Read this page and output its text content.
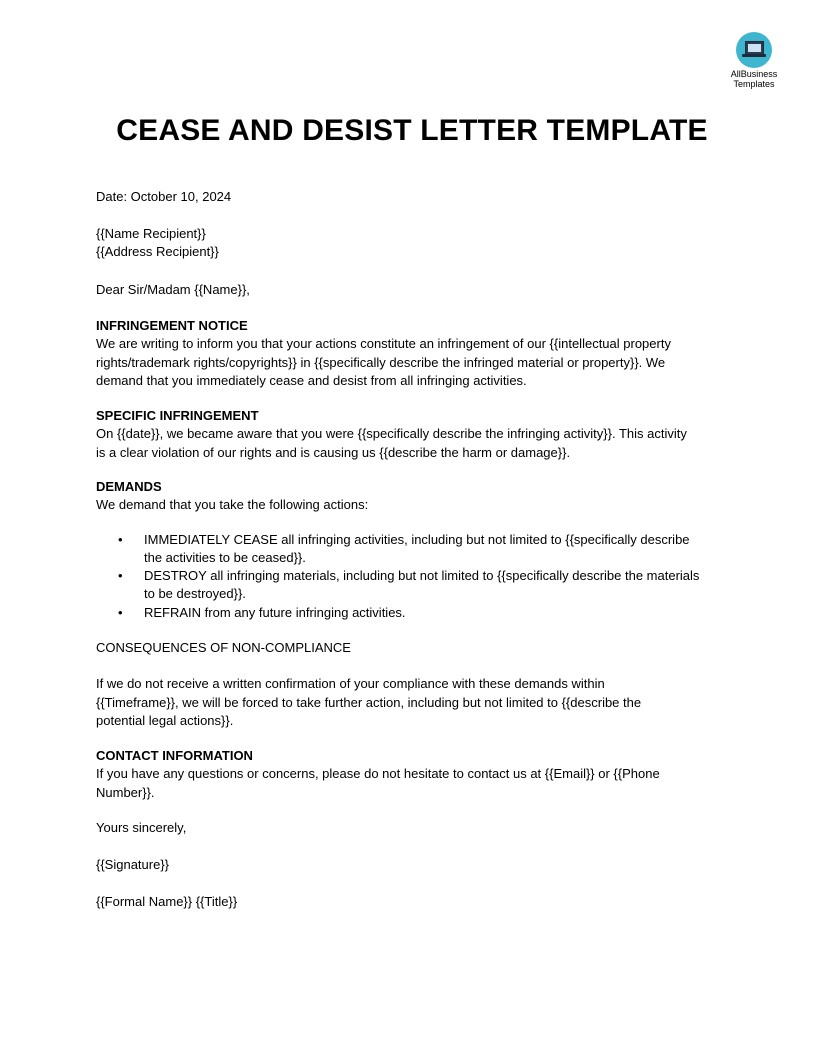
AllBusiness
Templates
CEASE AND DESIST LETTER TEMPLATE
Date: October 10, 2024
{{Name Recipient}}
{{Address Recipient}}
Dear Sir/Madam {{Name}},
INFRINGEMENT NOTICE
We are writing to inform you that your actions constitute an infringement of our {{intellectual property
rights/trademark rights/copyrights}} in {{specifically describe the infringed material or property}}. We
demand that you immediately cease and desist from all infringing activities.
SPECIFIC INFRINGEMENT
On {{date}}, we became aware that you were {{specifically describe the infringing activity}}. This activity
is a clear violation of our rights and is causing us {{describe the harm or damage}}.
DEMANDS
We demand that you take the following actions:
• IMMEDIATELY CEASE all infringing activities, including but not limited to {{specifically describe
the activities to be ceased}}.
• DESTROY all infringing materials, including but not limited to {{specifically describe the materials
to be destroyed}}.
• REFRAIN from any future infringing activities.
CONSEQUENCES OF NON-COMPLIANCE
If we do not receive a written confirmation of your compliance with these demands within
{{Timeframe}}, we will be forced to take further action, including but not limited to {{describe the
potential legal actions}}.
CONTACT INFORMATION
If you have any questions or concerns, please do not hesitate to contact us at {{Email}} or {{Phone
Number}}.
Yours sincerely,
{{Signature}}
{{Formal Name}} {{Title}}
